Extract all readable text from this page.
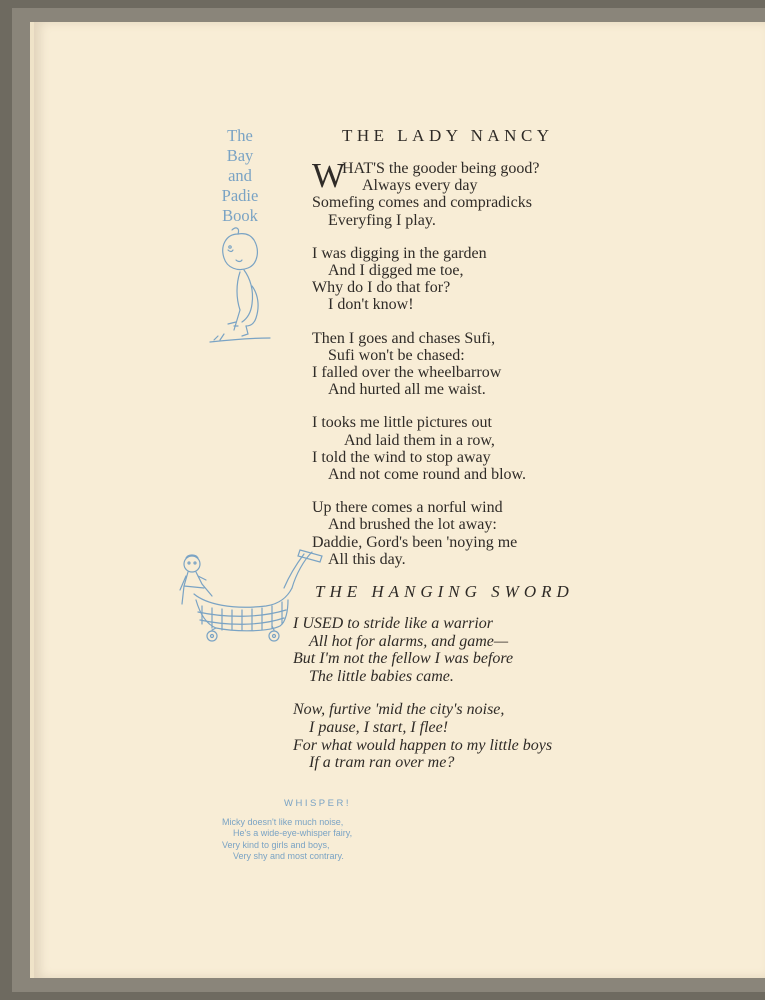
The
Bay
and
Padie
Book
THE LADY NANCY
W
HAT'S the gooder being good?
Always every day
Somefing comes and compradicks
Everyfing I play.
I was digging in the garden
And I digged me toe,
Why do I do that for?
I don't know!
Then I goes and chases Sufi,
Sufi won't be chased:
I falled over the wheelbarrow
And hurted all me waist.
I tooks me little pictures out
And laid them in a row,
I told the wind to stop away
And not come round and blow.
Up there comes a norful wind
And brushed the lot away:
Daddie, Gord's been 'noying me
All this day.
THE HANGING SWORD
I USED to stride like a warrior
All hot for alarms, and game—
But I'm not the fellow I was before
The little babies came.
Now, furtive 'mid the city's noise,
I pause, I start, I flee!
For what would happen to my little boys
If a tram ran over me?
WHISPER!
Micky doesn't like much noise,
He's a wide-eye-whisper fairy,
Very kind to girls and boys,
Very shy and most contrary.
